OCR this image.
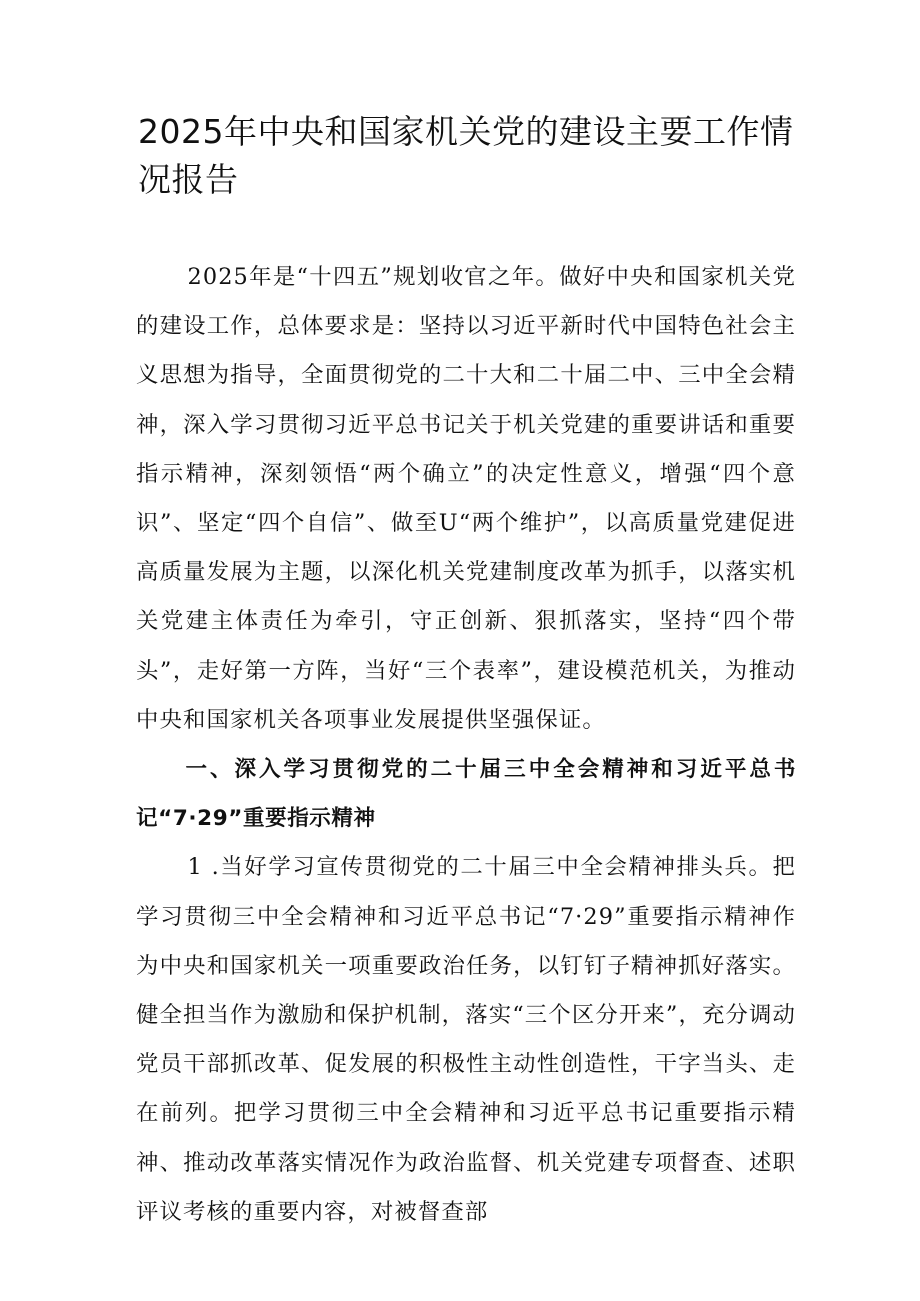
2025年中央和国家机关党的建设主要工作情况报告

2025年是“十四五”规划收官之年。做好中央和国家机关党的建设工作，总体要求是：坚持以习近平新时代中国特色社会主义思想为指导，全面贯彻党的二十大和二十届二中、三中全会精神，深入学习贯彻习近平总书记关于机关党建的重要讲话和重要指示精神，深刻领悟“两个确立”的决定性意义，增强“四个意识”、坚定“四个自信”、做至U“两个维护”，以高质量党建促进高质量发展为主题，以深化机关党建制度改革为抓手，以落实机关党建主体责任为牵引，守正创新、狠抓落实，坚持“四个带头”，走好第一方阵，当好“三个表率”，建设模范机关，为推动中央和国家机关各项事业发展提供坚强保证。

一、深入学习贯彻党的二十届三中全会精神和习近平总书记“7·29”重要指示精神

1 .当好学习宣传贯彻党的二十届三中全会精神排头兵。把学习贯彻三中全会精神和习近平总书记“7·29”重要指示精神作为中央和国家机关一项重要政治任务，以钉钉子精神抓好落实。健全担当作为激励和保护机制，落实“三个区分开来”，充分调动党员干部抓改革、促发展的积极性主动性创造性，干字当头、走在前列。把学习贯彻三中全会精神和习近平总书记重要指示精神、推动改革落实情况作为政治监督、机关党建专项督查、述职评议考核的重要内容，对被督查部
